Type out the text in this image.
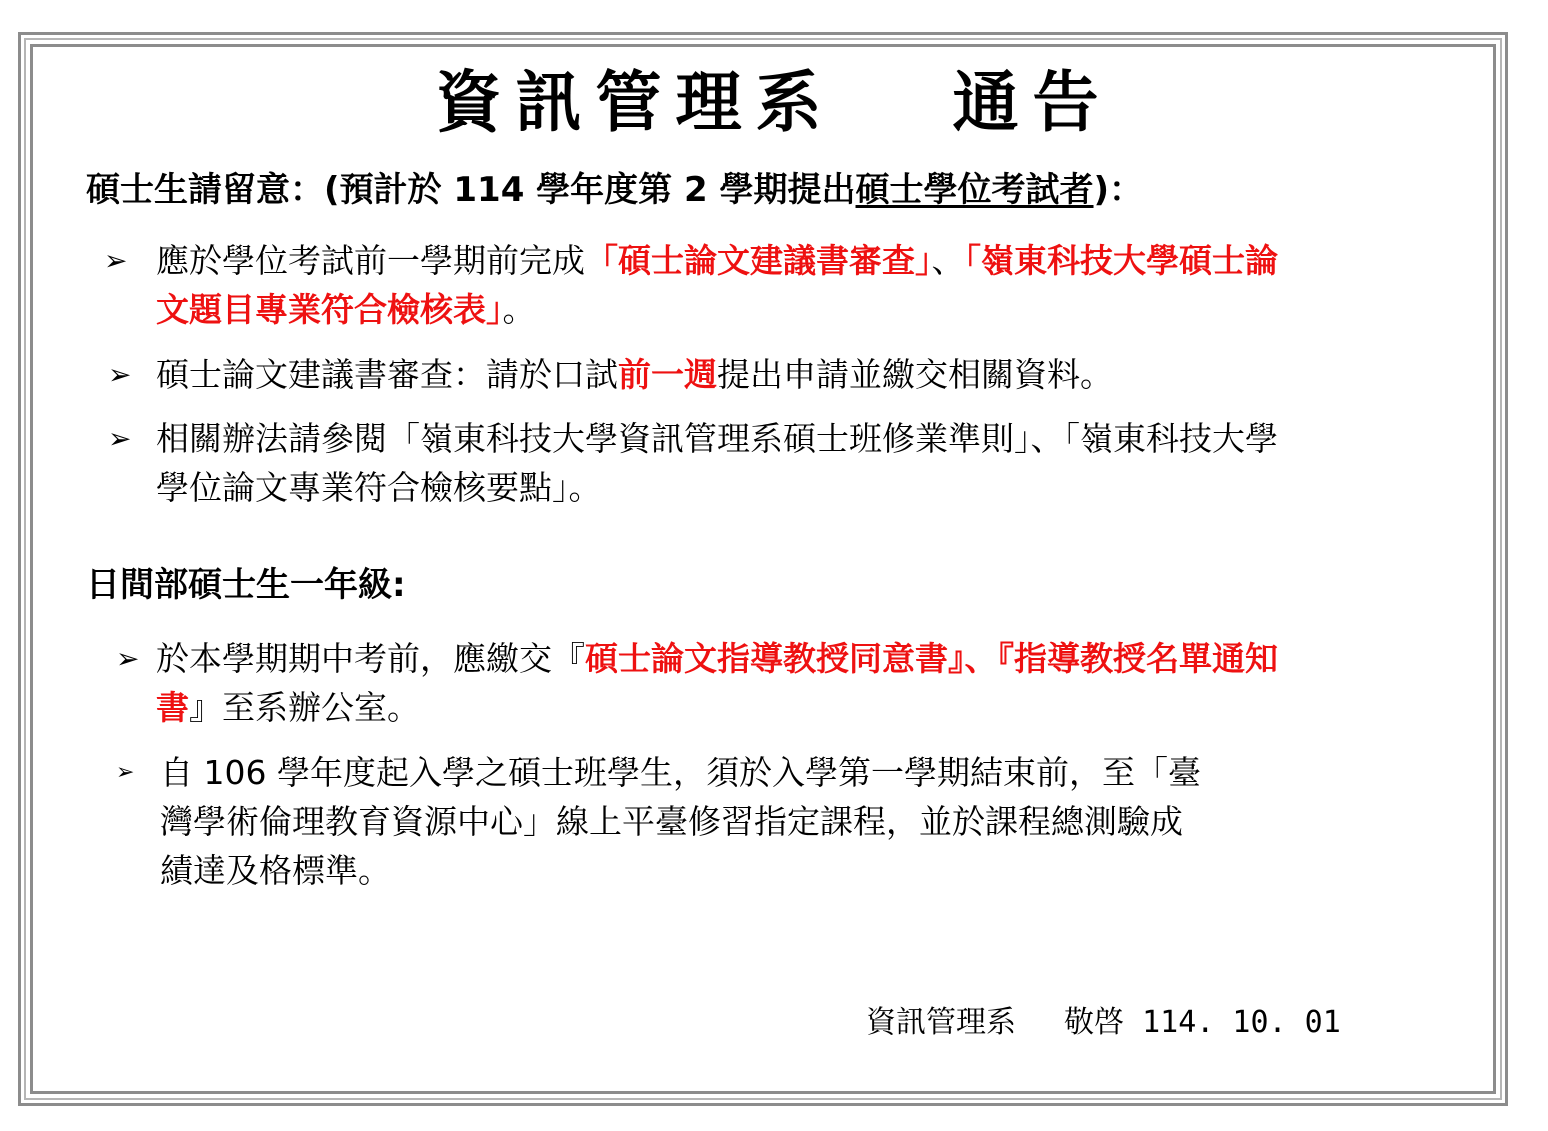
資訊管理系　 通告
碩士生請留意：(預計於 114 學年度第 2 學期提出碩士學位考試者)：
➢ 應於學位考試前一學期前完成「碩士論文建議書審查」、「嶺東科技大學碩士論
文題目專業符合檢核表」。
➢ 碩士論文建議書審查：請於口試前一週提出申請並繳交相關資料。
➢ 相關辦法請參閱「嶺東科技大學資訊管理系碩士班修業準則」、「嶺東科技大學
學位論文專業符合檢核要點」。
日間部碩士生一年級:
➢ 於本學期期中考前，應繳交『碩士論文指導教授同意書』、『指導教授名單通知
書』至系辦公室。
➢ 自 106 學年度起入學之碩士班學生，須於入學第一學期結束前，至「臺
灣學術倫理教育資源中心」線上平臺修習指定課程，並於課程總測驗成
績達及格標準。
資訊管理系　 敬啓 114. 10. 01
